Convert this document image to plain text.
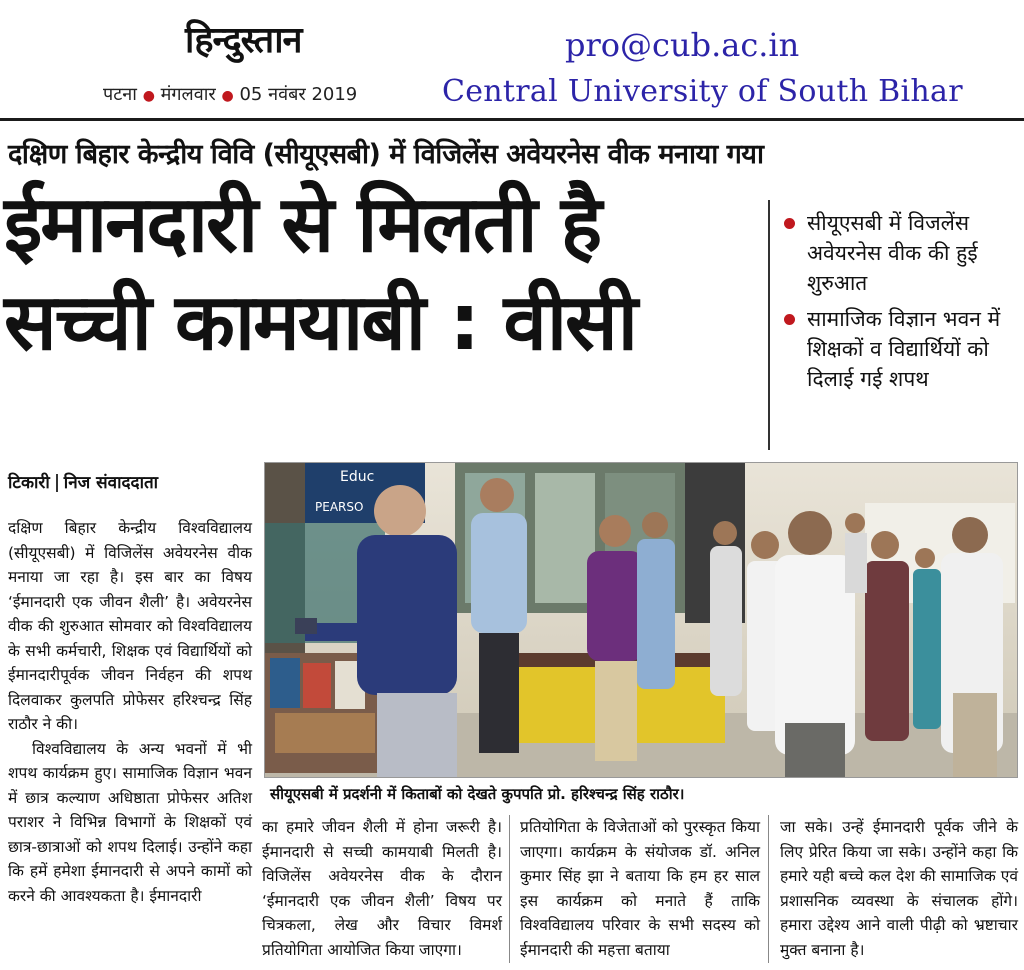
हिन्दुस्तान
पटना ● मंगलवार ● 05 नवंबर 2019
pro@cub.ac.in
Central University of South Bihar
दक्षिण बिहार केन्द्रीय विवि (सीयूएसबी) में विजिलेंस अवेयरनेस वीक मनाया गया
ईमानदारी से मिलती है
सच्ची कामयाबी : वीसी
सीयूएसबी में विजलेंस अवेयरनेस वीक की हुई शुरुआत
सामाजिक विज्ञान भवन में शिक्षकों व विद्यार्थियों को दिलाई गई शपथ
टिकारी निज संवाददाता

दक्षिण बिहार केन्द्रीय विश्वविद्यालय (सीयूएसबी) में विजिलेंस अवेयरनेस वीक मनाया जा रहा है। इस बार का विषय ‘ईमानदारी एक जीवन शैली’ है। अवेयरनेस वीक की शुरुआत सोमवार को विश्वविद्यालय के सभी कर्मचारी, शिक्षक एवं विद्यार्थियों को ईमानदारीपूर्वक जीवन निर्वहन की शपथ दिलवाकर कुलपति प्रोफेसर हरिश्चन्द्र सिंह राठौर ने की।

विश्वविद्यालय के अन्य भवनों में भी शपथ कार्यक्रम हुए। सामाजिक विज्ञान भवन में छात्र कल्याण अधिष्ठाता प्रोफेसर अतिश पराशर ने विभिन्न विभागों के शिक्षकों एवं छात्र-छात्राओं को शपथ दिलाई। उन्होंने कहा कि हमें हमेशा ईमानदारी से अपने कामों को करने की आवश्यकता है। ईमानदारी

Educ
PEARSO
सीयूएसबी में प्रदर्शनी में किताबों को देखते कुपपति प्रो. हरिश्चन्द्र सिंह राठौर।
का हमारे जीवन शैली में होना जरूरी है। ईमानदारी से सच्ची कामयाबी मिलती है। विजिलेंस अवेयरनेस वीक के दौरान ‘ईमानदारी एक जीवन शैली’ विषय पर चित्रकला, लेख और विचार विमर्श प्रतियोगिता आयोजित किया जाएगा।
प्रतियोगिता के विजेताओं को पुरस्कृत किया जाएगा। कार्यक्रम के संयोजक डॉ. अनिल कुमार सिंह झा ने बताया कि हम हर साल इस कार्यक्रम को मनाते हैं ताकि विश्वविद्यालय परिवार के सभी सदस्य को ईमानदारी की महत्ता बताया
जा सके। उन्हें ईमानदारी पूर्वक जीने के लिए प्रेरित किया जा सके। उन्होंने कहा कि हमारे यही बच्चे कल देश की सामाजिक एवं प्रशासनिक व्यवस्था के संचालक होंगे। हमारा उद्देश्य आने वाली पीढ़ी को भ्रष्टाचार मुक्त बनाना है।
